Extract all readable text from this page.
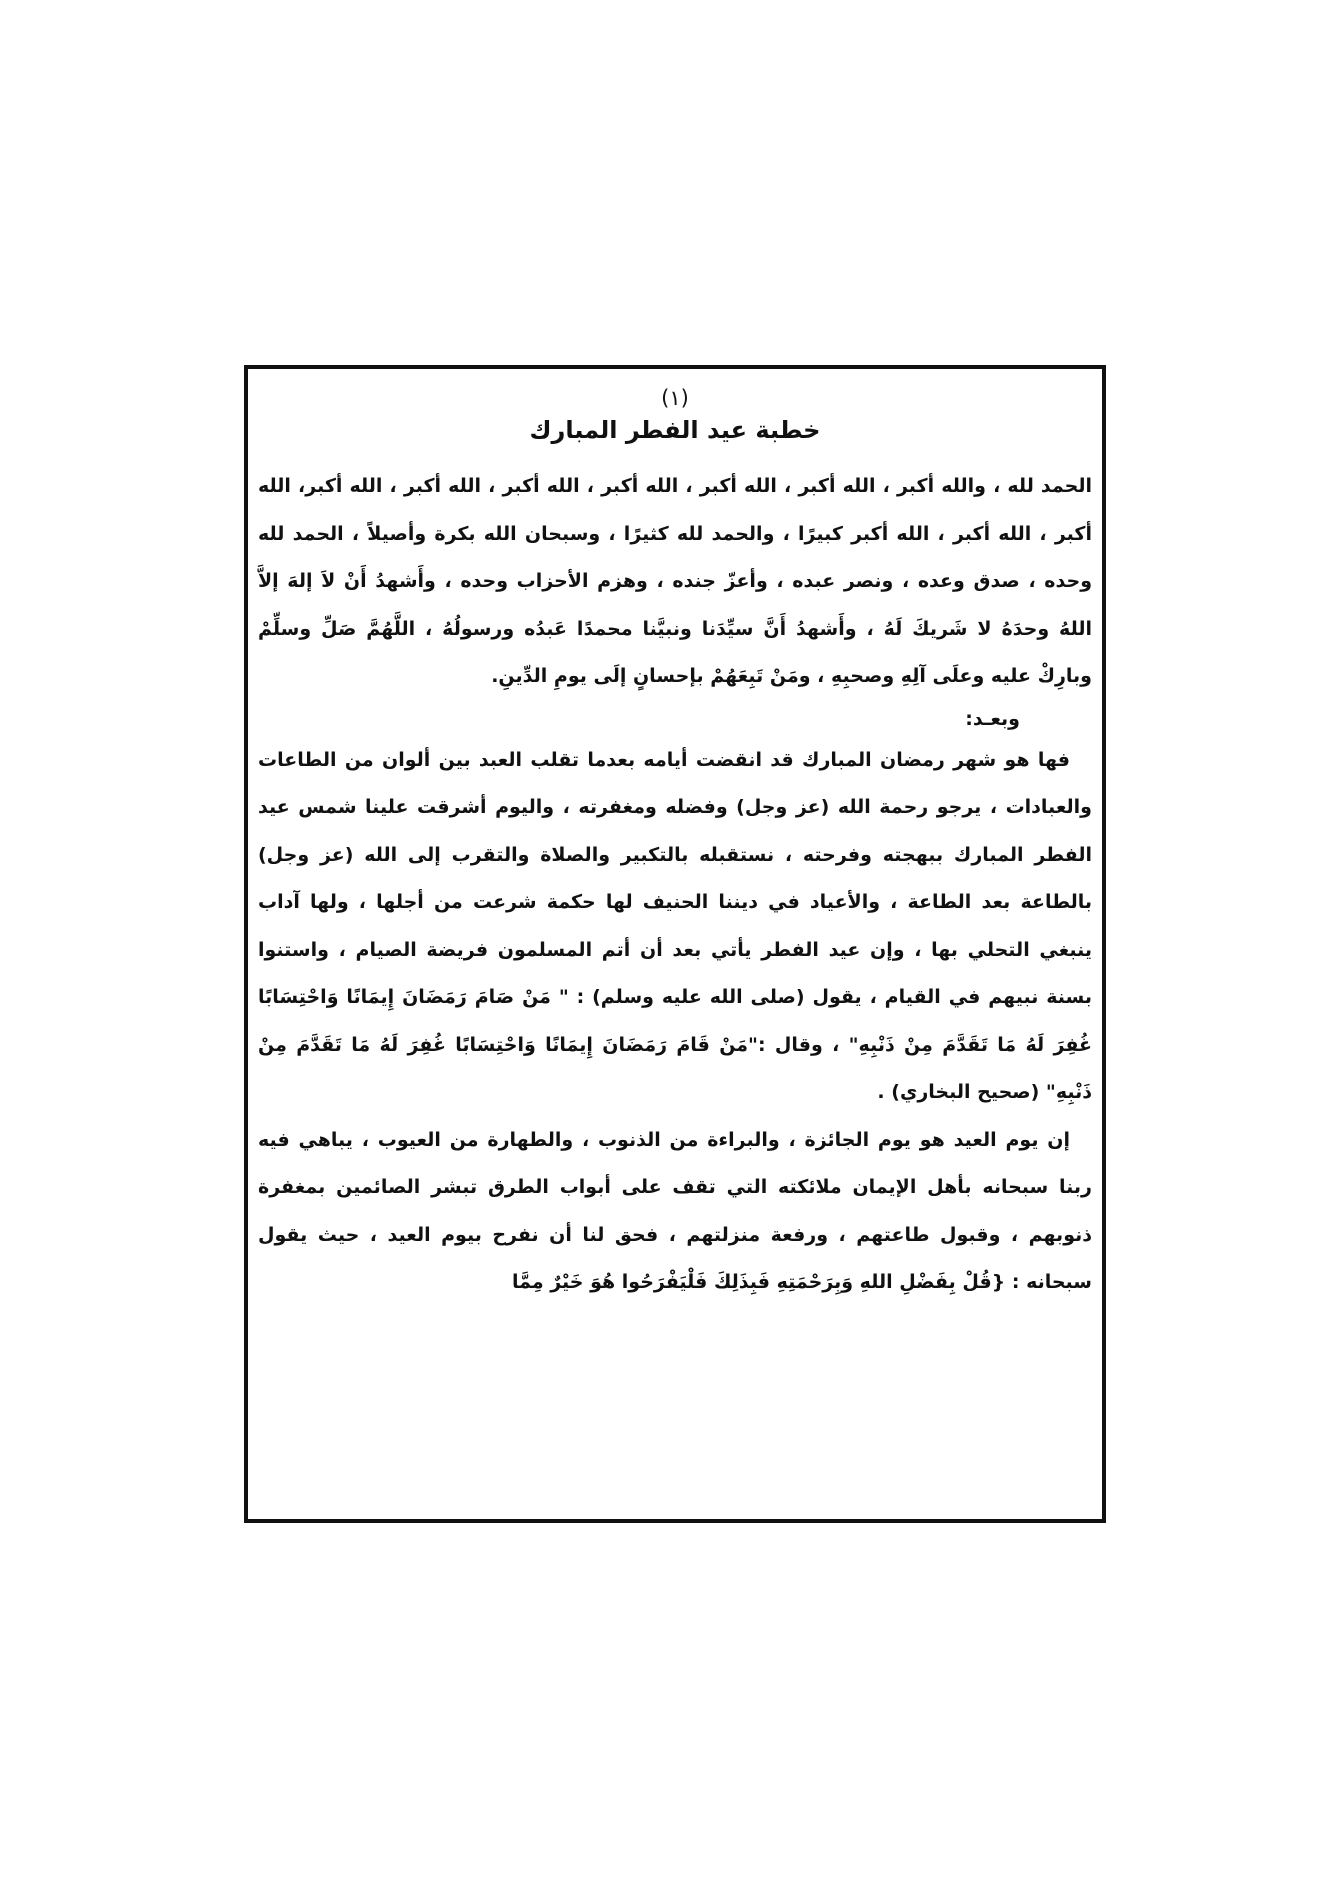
(١)

خطبة عيد الفطر المبارك

الحمد لله ، والله أكبر ، الله أكبر ، الله أكبر ، الله أكبر ، الله أكبر ، الله أكبر ، الله أكبر، الله أكبر ، الله أكبر ، الله أكبر كبيرًا ، والحمد لله كثيرًا ، وسبحان الله بكرة وأصيلاً ، الحمد لله وحده ، صدق وعده ، ونصر عبده ، وأعزّ جنده ، وهزم الأحزاب وحده ، وأَشهدُ أَنْ لاَ إلهَ إلاَّ اللهُ وحدَهُ لا شَريكَ لَهُ ، وأَشهدُ أَنَّ سيِّدَنا ونبيَّنا محمدًا عَبدُه ورسولُهُ ، اللَّهُمَّ صَلِّ وسلِّمْ وبارِكْ عليه وعلَى آلِهِ وصحبِهِ ، ومَنْ تَبِعَهُمْ بإحسانٍ إلَى يومِ الدِّينِ.

وبعـد:

فها هو شهر رمضان المبارك قد انقضت أيامه بعدما تقلب العبد بين ألوان من الطاعات والعبادات ، يرجو رحمة الله (عز وجل) وفضله ومغفرته ، واليوم أشرقت علينا شمس عيد الفطر المبارك ببهجته وفرحته ، نستقبله بالتكبير والصلاة والتقرب إلى الله (عز وجل) بالطاعة بعد الطاعة ، والأعياد في ديننا الحنيف لها حكمة شرعت من أجلها ، ولها آداب ينبغي التحلي بها ، وإن عيد الفطر يأتي بعد أن أتم المسلمون فريضة الصيام ، واستنوا بسنة نبيهم في القيام ، يقول (صلى الله عليه وسلم) : " مَنْ صَامَ رَمَضَانَ إِيمَانًا وَاحْتِسَابًا غُفِرَ لَهُ مَا تَقَدَّمَ مِنْ ذَنْبِهِ" ، وقال :"مَنْ قَامَ رَمَضَانَ إِيمَانًا وَاحْتِسَابًا غُفِرَ لَهُ مَا تَقَدَّمَ مِنْ ذَنْبِهِ" (صحيح البخاري) .

إن يوم العيد هو يوم الجائزة ، والبراءة من الذنوب ، والطهارة من العيوب ، يباهي فيه ربنا سبحانه بأهل الإيمان ملائكته التي تقف على أبواب الطرق تبشر الصائمين بمغفرة ذنوبهم ، وقبول طاعتهم ، ورفعة منزلتهم ، فحق لنا أن نفرح بيوم العيد ، حيث يقول سبحانه : {قُلْ بِفَضْلِ اللهِ وَبِرَحْمَتِهِ فَبِذَلِكَ فَلْيَفْرَحُوا هُوَ خَيْرٌ مِمَّا
